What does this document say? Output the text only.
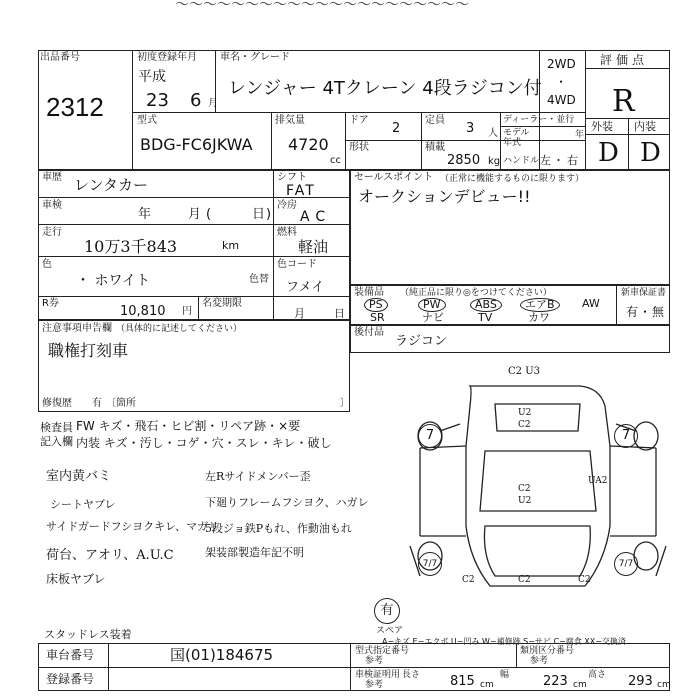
〜〜〜〜〜〜〜〜〜〜〜〜〜〜〜〜〜〜〜〜〜
出品番号
2312
初度登録年月
平成
23 6 月
車名・グレード
レンジャー 4Tクレーン 4段ラジコン付
2WD
・
4WD
評価点
R
外装 内装
D D
型式
BDG-FC6JKWA
排気量
4720
cc
ドア
2
定員
3 人
ディーラー・並行
モデル年式
年
形状	積載
2850 kg ハンドル 左 ・ 右
車歴 レンタカー
車検
年	月 (	日 )
走行
10万3千843	km
色
・ ホワイト	色替
R券
10,810 円
名変期限
月	日
シフト
FAT
冷房
AC
燃料
軽油
色コード
フメイ
セールスポイント （正常に機能するものに限ります）
オークションデビュー!!
装備品 （純正品に限り◎をつけてください）
PS	PW	ABS	エアB	AW
SR	ナビ	TV	カワ
新車保証書
有 ・ 無
後付品
ラジコン
注意事項申告欄 （具体的に記述してください）
職権打刻車
修復歴 有 〔箇所	〕
検査員
記入欄
FW キズ・飛石・ヒビ割・リペア跡・×要
内装 キズ・汚し・コゲ・穴・スレ・キレ・破し
室内黄バミ
シートヤブレ
サイドガードフシヨクキレ、マガリ
荷台、アオリ、A.U.C
床板ヤブレ
左Rサイドメンバー歪
下廻りフレームフシヨク、ハガレ
5段ジョ鉄Pもれ、作動油もれ
架装部製造年記不明
スタッドレス装着
有
スペア
C2 U3
U2
C2
C2
U2
UA2
7	7
7/7	7/7
C2	C2	C2
A−キズ E−エクボ U−凹み W−補修跡 S−サビ C−腐食 XX−交換済
車台番号	国(01)184675
登録番号
型式指定番号
参考
類別区分番号
参考
車検証明用
参考
長さ 815 cm
幅	223 cm
高さ 293 cm
